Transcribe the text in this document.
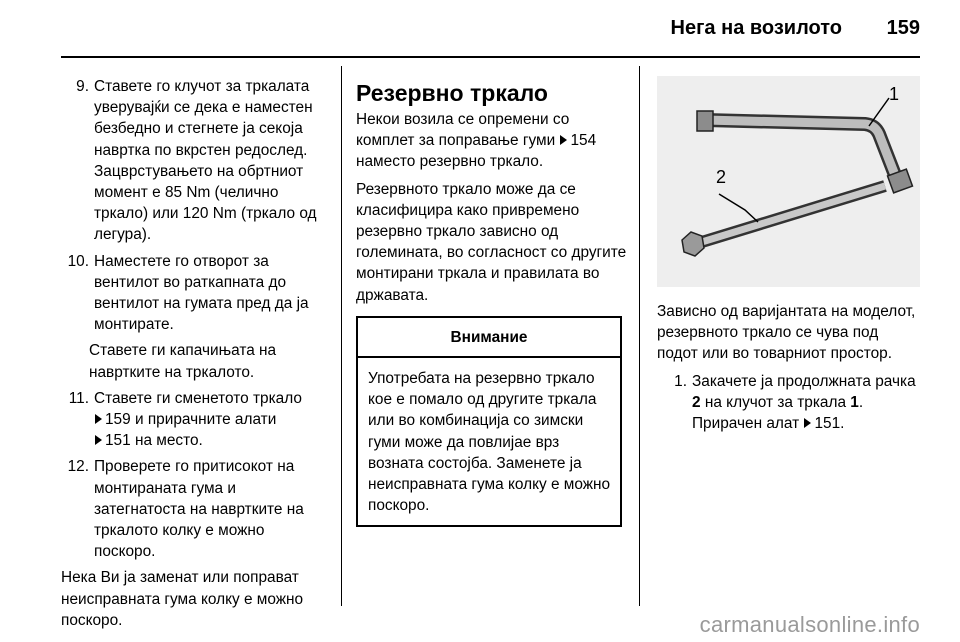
Нега на возилото 159
9. Ставете го клучот за тркалата уверувајќи се дека е наместен безбедно и стегнете ја секоја навртка по вкрстен редослед. Зацврстувањето на обртниот момент е 85 Nm (челично тркало) или 120 Nm (тркало од легура).
10. Наместете го отворот за вентилот во раткапната до вентилот на гумата пред да ја монтирате.
Ставете ги капачињата на навртките на тркалото.
11. Ставете ги сменетото тркало
159 и прирачните алати
151 на место.
12. Проверете го притисокот на монтираната гума и затегнатоста на навртките на тркалото колку е можно поскоро.

Нека Ви ја заменат или поправат неисправната гума колку е можно поскоро.

Резервно тркало

Некои возила се опремени со комплет за поправање гуми 154 наместо резервно тркало.

Резервното тркало може да се класифицира како привремено резервно тркало зависно од големината, во согласност со другите монтирани тркала и правилата во државата.

Внимание
Употребата на резервно тркало кое е помало од другите тркала или во комбинација со зимски гуми може да повлијае врз возната состојба. Заменете ја неисправната гума колку е можно поскоро.
1
2

Зависно од варијантата на моделот, резервното тркало се чува под подот или во товарниот простор.

1. Закачете ја продолжната рачка 2 на клучот за тркала 1.
Прирачен алат 151.
carmanualsonline.info
